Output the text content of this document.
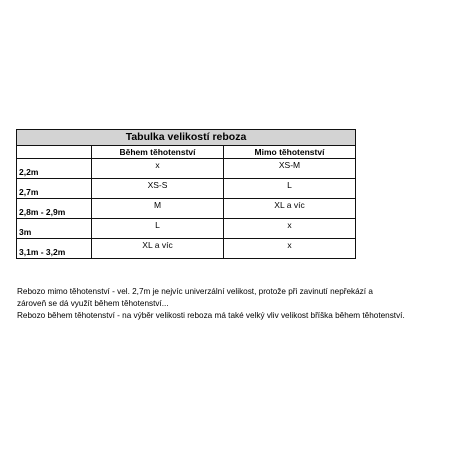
Tabulka velikostí reboza		
	Během těhotenství	Mimo těhotenství
2,2m	x	XS-M
2,7m	XS-S	L
2,8m - 2,9m	M	XL a víc
3m	L	x
3,1m - 3,2m	XL a víc	x

Rebozo mimo těhotenství - vel. 2,7m je nejvíc univerzální velikost, protože při zavinutí nepřekází a

zároveň se dá využít během těhotenství...

Rebozo během těhotenství - na výběr velikosti reboza má také velký vliv velikost bříška během těhotenství.
